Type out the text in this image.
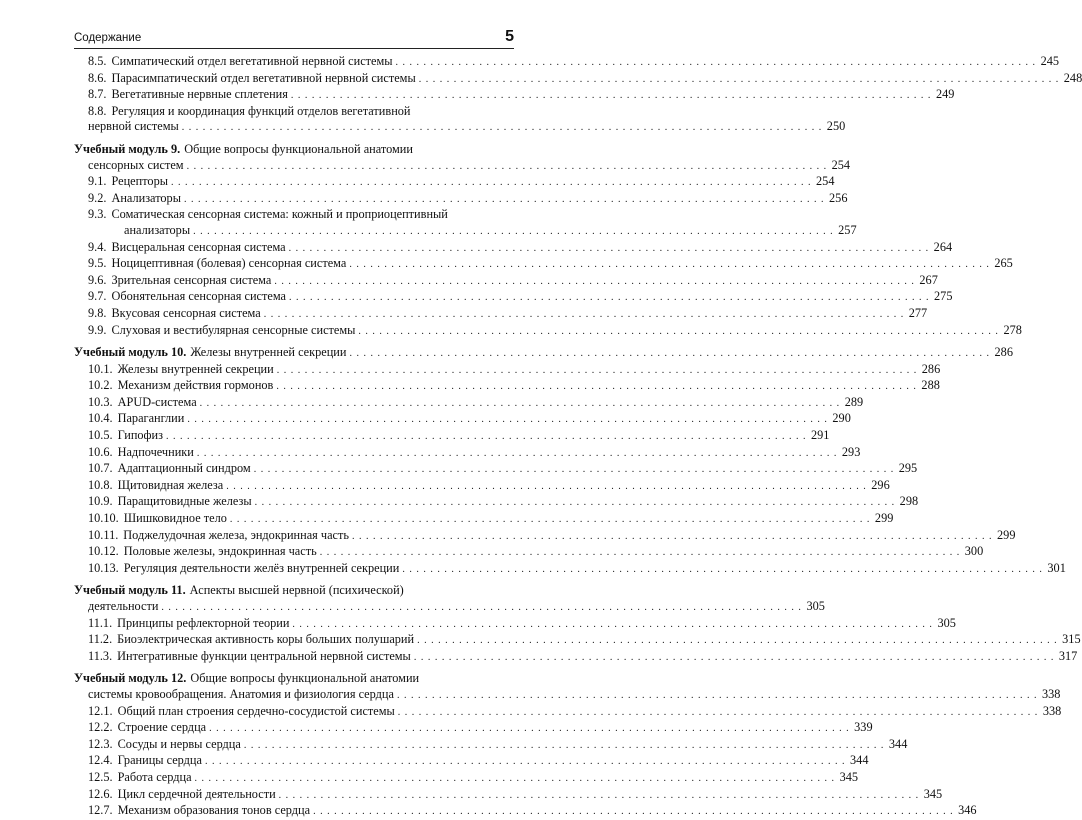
Содержание	5
8.5. Симпатический отдел вегетативной нервной системы . . .	245
8.6. Парасимпатический отдел вегетативной нервной системы . . .	248
8.7. Вегетативные нервные сплетения . . .	249
8.8. Регуляция и координация функций отделов вегетативной
нервной системы . . .	250
Учебный модуль 9. Общие вопросы функциональной анатомии
сенсорных систем . . .	254
9.1. Рецепторы . . .	254
9.2. Анализаторы . . .	256
9.3. Соматическая сенсорная система: кожный и проприоцептивный
анализаторы . . .	257
9.4. Висцеральная сенсорная система . . .	264
9.5. Ноцицептивная (болевая) сенсорная система . . .	265
9.6. Зрительная сенсорная система . . .	267
9.7. Обонятельная сенсорная система . . .	275
9.8. Вкусовая сенсорная система . . .	277
9.9. Слуховая и вестибулярная сенсорные системы . . .	278
Учебный модуль 10. Железы внутренней секреции . . .	286
10.1. Железы внутренней секреции . . .	286
10.2. Механизм действия гормонов . . .	288
10.3. APUD-система . . .	289
10.4. Параганглии . . .	290
10.5. Гипофиз . . .	291
10.6. Надпочечники . . .	293
10.7. Адаптационный синдром . . .	295
10.8. Щитовидная железа . . .	296
10.9. Паращитовидные железы . . .	298
10.10. Шишковидное тело . . .	299
10.11. Поджелудочная железа, эндокринная часть . . .	299
10.12. Половые железы, эндокринная часть . . .	300
10.13. Регуляция деятельности желёз внутренней секреции . . .	301
Учебный модуль 11. Аспекты высшей нервной (психической)
деятельности . . .	305
11.1. Принципы рефлекторной теории . . .	305
11.2. Биоэлектрическая активность коры больших полушарий . . .	315
11.3. Интегративные функции центральной нервной системы . . .	317
Учебный модуль 12. Общие вопросы функциональной анатомии
системы кровообращения. Анатомия и физиология сердца . . .	338
12.1. Общий план строения сердечно-сосудистой системы . . .	338
12.2. Строение сердца . . .	339
12.3. Сосуды и нервы сердца . . .	344
12.4. Границы сердца . . .	344
12.5. Работа сердца . . .	345
12.6. Цикл сердечной деятельности . . .	345
12.7. Механизм образования тонов сердца . . .	346
